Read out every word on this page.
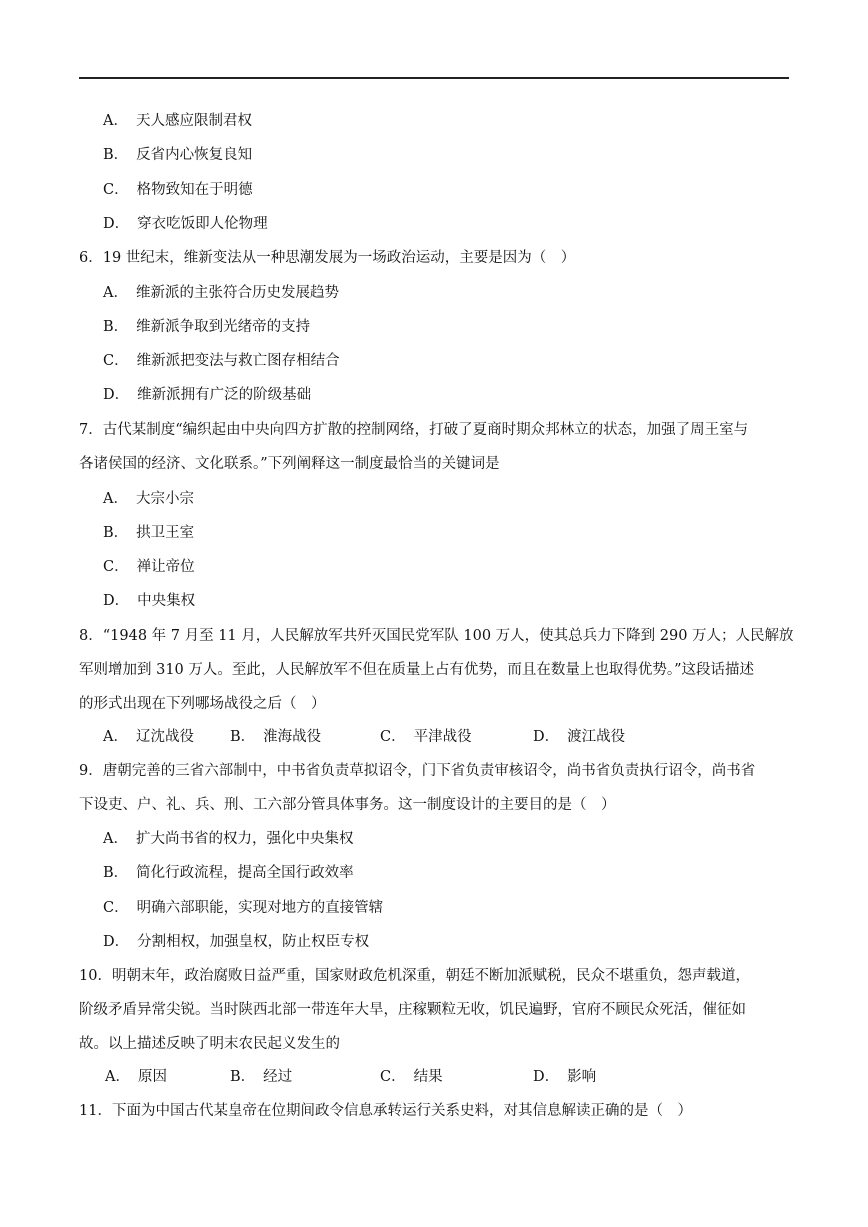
A． 天人感应限制君权
B． 反省内心恢复良知
C． 格物致知在于明德
D． 穿衣吃饭即人伦物理
6．19 世纪末，维新变法从一种思潮发展为一场政治运动，主要是因为（　）
A． 维新派的主张符合历史发展趋势
B． 维新派争取到光绪帝的支持
C． 维新派把变法与救亡图存相结合
D． 维新派拥有广泛的阶级基础
7．古代某制度“编织起由中央向四方扩散的控制网络，打破了夏商时期众邦林立的状态，加强了周王室与
各诸侯国的经济、文化联系。”下列阐释这一制度最恰当的关键词是
A． 大宗小宗
B． 拱卫王室
C． 禅让帝位
D． 中央集权
8．“1948 年 7 月至 11 月，人民解放军共歼灭国民党军队 100 万人，使其总兵力下降到 290 万人；人民解放
军则增加到 310 万人。至此，人民解放军不但在质量上占有优势，而且在数量上也取得优势。”这段话描述
的形式出现在下列哪场战役之后（　）
A． 辽沈战役 B． 淮海战役	C． 平津战役	D． 渡江战役
9．唐朝完善的三省六部制中，中书省负责草拟诏令，门下省负责审核诏令，尚书省负责执行诏令，尚书省
下设吏、户、礼、兵、刑、工六部分管具体事务。这一制度设计的主要目的是（　）
A． 扩大尚书省的权力，强化中央集权
B． 简化行政流程，提高全国行政效率
C． 明确六部职能，实现对地方的直接管辖
D． 分割相权，加强皇权，防止权臣专权
10．明朝末年，政治腐败日益严重，国家财政危机深重，朝廷不断加派赋税，民众不堪重负，怨声载道，
阶级矛盾异常尖锐。当时陕西北部一带连年大旱，庄稼颗粒无收，饥民遍野，官府不顾民众死活，催征如
故。以上描述反映了明末农民起义发生的
A． 原因	B． 经过	C． 结果	D． 影响
11．下面为中国古代某皇帝在位期间政令信息承转运行关系史料，对其信息解读正确的是（　）
